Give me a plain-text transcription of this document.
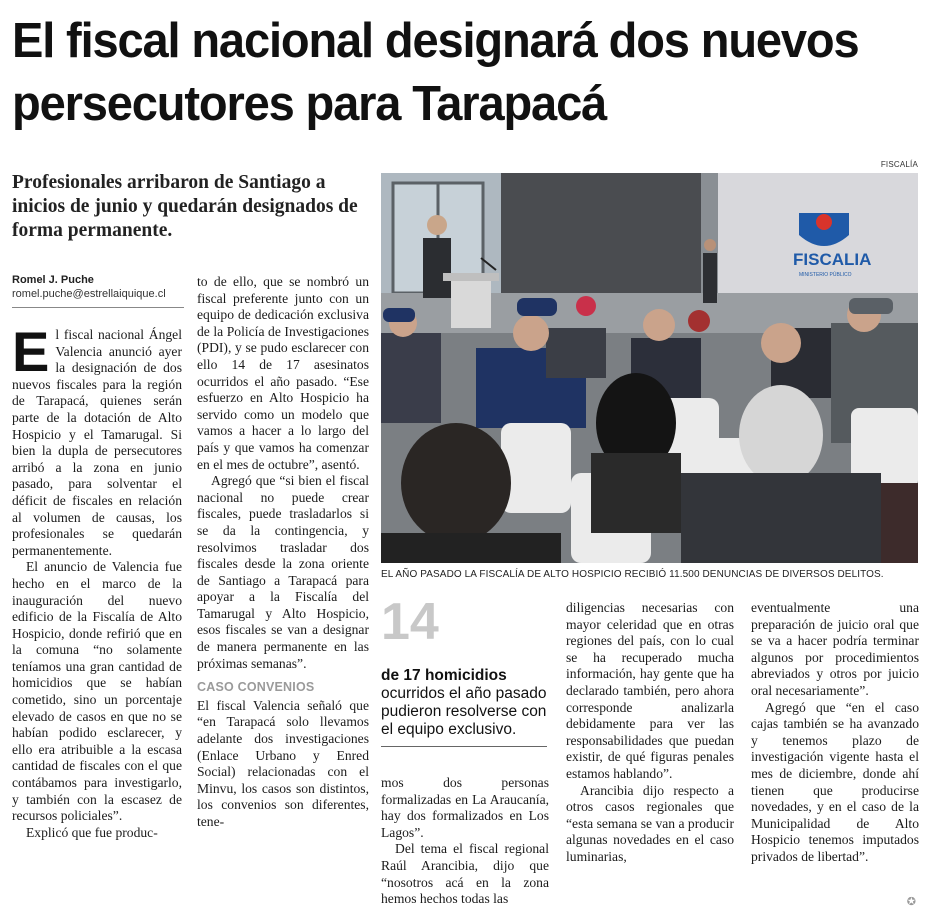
El fiscal nacional designará dos nuevos persecutores para Tarapacá

Profesionales arribaron de Santiago a inicios de junio y quedarán designados de forma permanente.

Romel J. Puche
romel.puche@estrellaiquique.cl

El fiscal nacional Ángel Valencia anunció ayer la designación de dos nuevos fiscales para la región de Tarapacá, quienes serán parte de la dotación de Alto Hospicio y el Tamarugal. Si bien la dupla de persecutores arribó a la zona en junio pasado, para solventar el déficit de fiscales en relación al volumen de causas, los profesionales se quedarán permanentemente.

El anuncio de Valencia fue hecho en el marco de la inauguración del nuevo edificio de la Fiscalía de Alto Hospicio, donde refirió que en la comuna “no solamente teníamos una gran cantidad de homicidios que se habían cometido, sino un porcentaje elevado de casos en que no se habían podido esclarecer, y ello era atribuible a la escasa cantidad de fiscales con el que contábamos para investigarlo, y también con la escasez de recursos policiales”.

Explicó que fue produc-

to de ello, que se nombró un fiscal preferente junto con un equipo de dedicación exclusiva de la Policía de Investigaciones (PDI), y se pudo esclarecer con ello 14 de 17 asesinatos ocurridos el año pasado. “Ese esfuerzo en Alto Hospicio ha servido como un modelo que vamos a hacer a lo largo del país y que vamos ha comenzar en el mes de octubre”, asentó.

Agregó que “si bien el fiscal nacional no puede crear fiscales, puede trasladarlos si se da la contingencia, y resolvimos trasladar dos fiscales desde la zona oriente de Santiago a Tarapacá para apoyar a la Fiscalía del Tamarugal y Alto Hospicio, esos fiscales se van a designar de manera permanente en las próximas semanas”.

CASO CONVENIOS

El fiscal Valencia señaló que “en Tarapacá solo llevamos adelante dos investigaciones (Enlace Urbano y Enred Social) relacionadas con el Minvu, los casos son distintos, los convenios son diferentes, tene-

FISCALÍA
FISCALIA
MINISTERIO PÚBLICO
EL AÑO PASADO LA FISCALÍA DE ALTO HOSPICIO RECIBIÓ 11.500 DENUNCIAS DE DIVERSOS DELITOS.
14
de 17 homicidios ocurridos el año pasado pudieron resolverse con el equipo exclusivo.

mos dos personas formalizadas en La Araucanía, hay dos formalizados en Los Lagos”.

Del tema el fiscal regional Raúl Arancibia, dijo que “nosotros acá en la zona hemos hechos todas las

diligencias necesarias con mayor celeridad que en otras regiones del país, con lo cual se ha recuperado mucha información, hay gente que ha declarado también, pero ahora corresponde analizarla debidamente para ver las responsabilidades que puedan existir, de qué figuras penales estamos hablando”.

Arancibia dijo respecto a otros casos regionales que “esta semana se van a producir algunas novedades en el caso luminarias,

eventualmente una preparación de juicio oral que se va a hacer podría terminar algunos por procedimientos abreviados y otros por juicio oral necesariamente”.

Agregó que “en el caso cajas también se ha avanzado y tenemos plazo de investigación vigente hasta el mes de diciembre, donde ahí tienen que producirse novedades, y en el caso de la Municipalidad de Alto Hospicio tenemos imputados privados de libertad”.

✪
